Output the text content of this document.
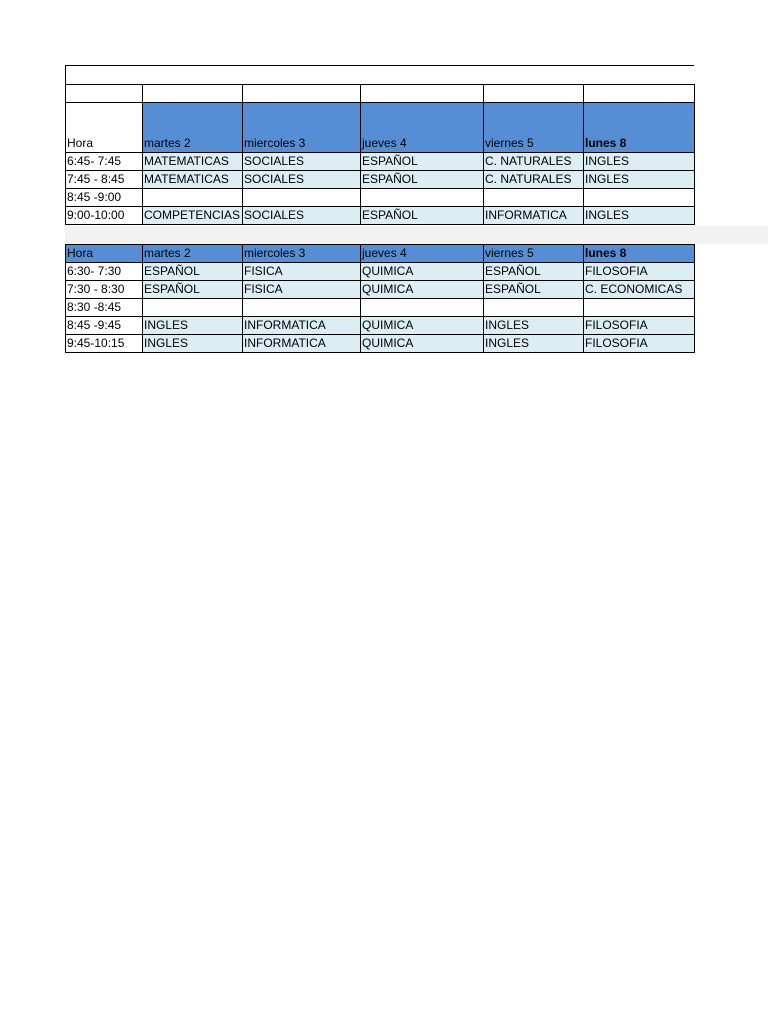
Hora	martes 2	miercoles 3	jueves 4	viernes 5	lunes 8
6:45- 7:45	MATEMATICAS	SOCIALES	ESPAÑOL	C. NATURALES	INGLES
7:45 - 8:45	MATEMATICAS	SOCIALES	ESPAÑOL	C. NATURALES	INGLES
8:45 -9:00					
9:00-10:00	COMPETENCIAS	SOCIALES	ESPAÑOL	INFORMATICA	INGLES
Hora	martes 2	miercoles 3	jueves 4	viernes 5	lunes 8
6:30- 7:30	ESPAÑOL	FISICA	QUIMICA	ESPAÑOL	FILOSOFIA
7:30 - 8:30	ESPAÑOL	FISICA	QUIMICA	ESPAÑOL	C. ECONOMICAS
8:30 -8:45					
8:45 -9:45	INGLES	INFORMATICA	QUIMICA	INGLES	FILOSOFIA
9:45-10:15	INGLES	INFORMATICA	QUIMICA	INGLES	FILOSOFIA
